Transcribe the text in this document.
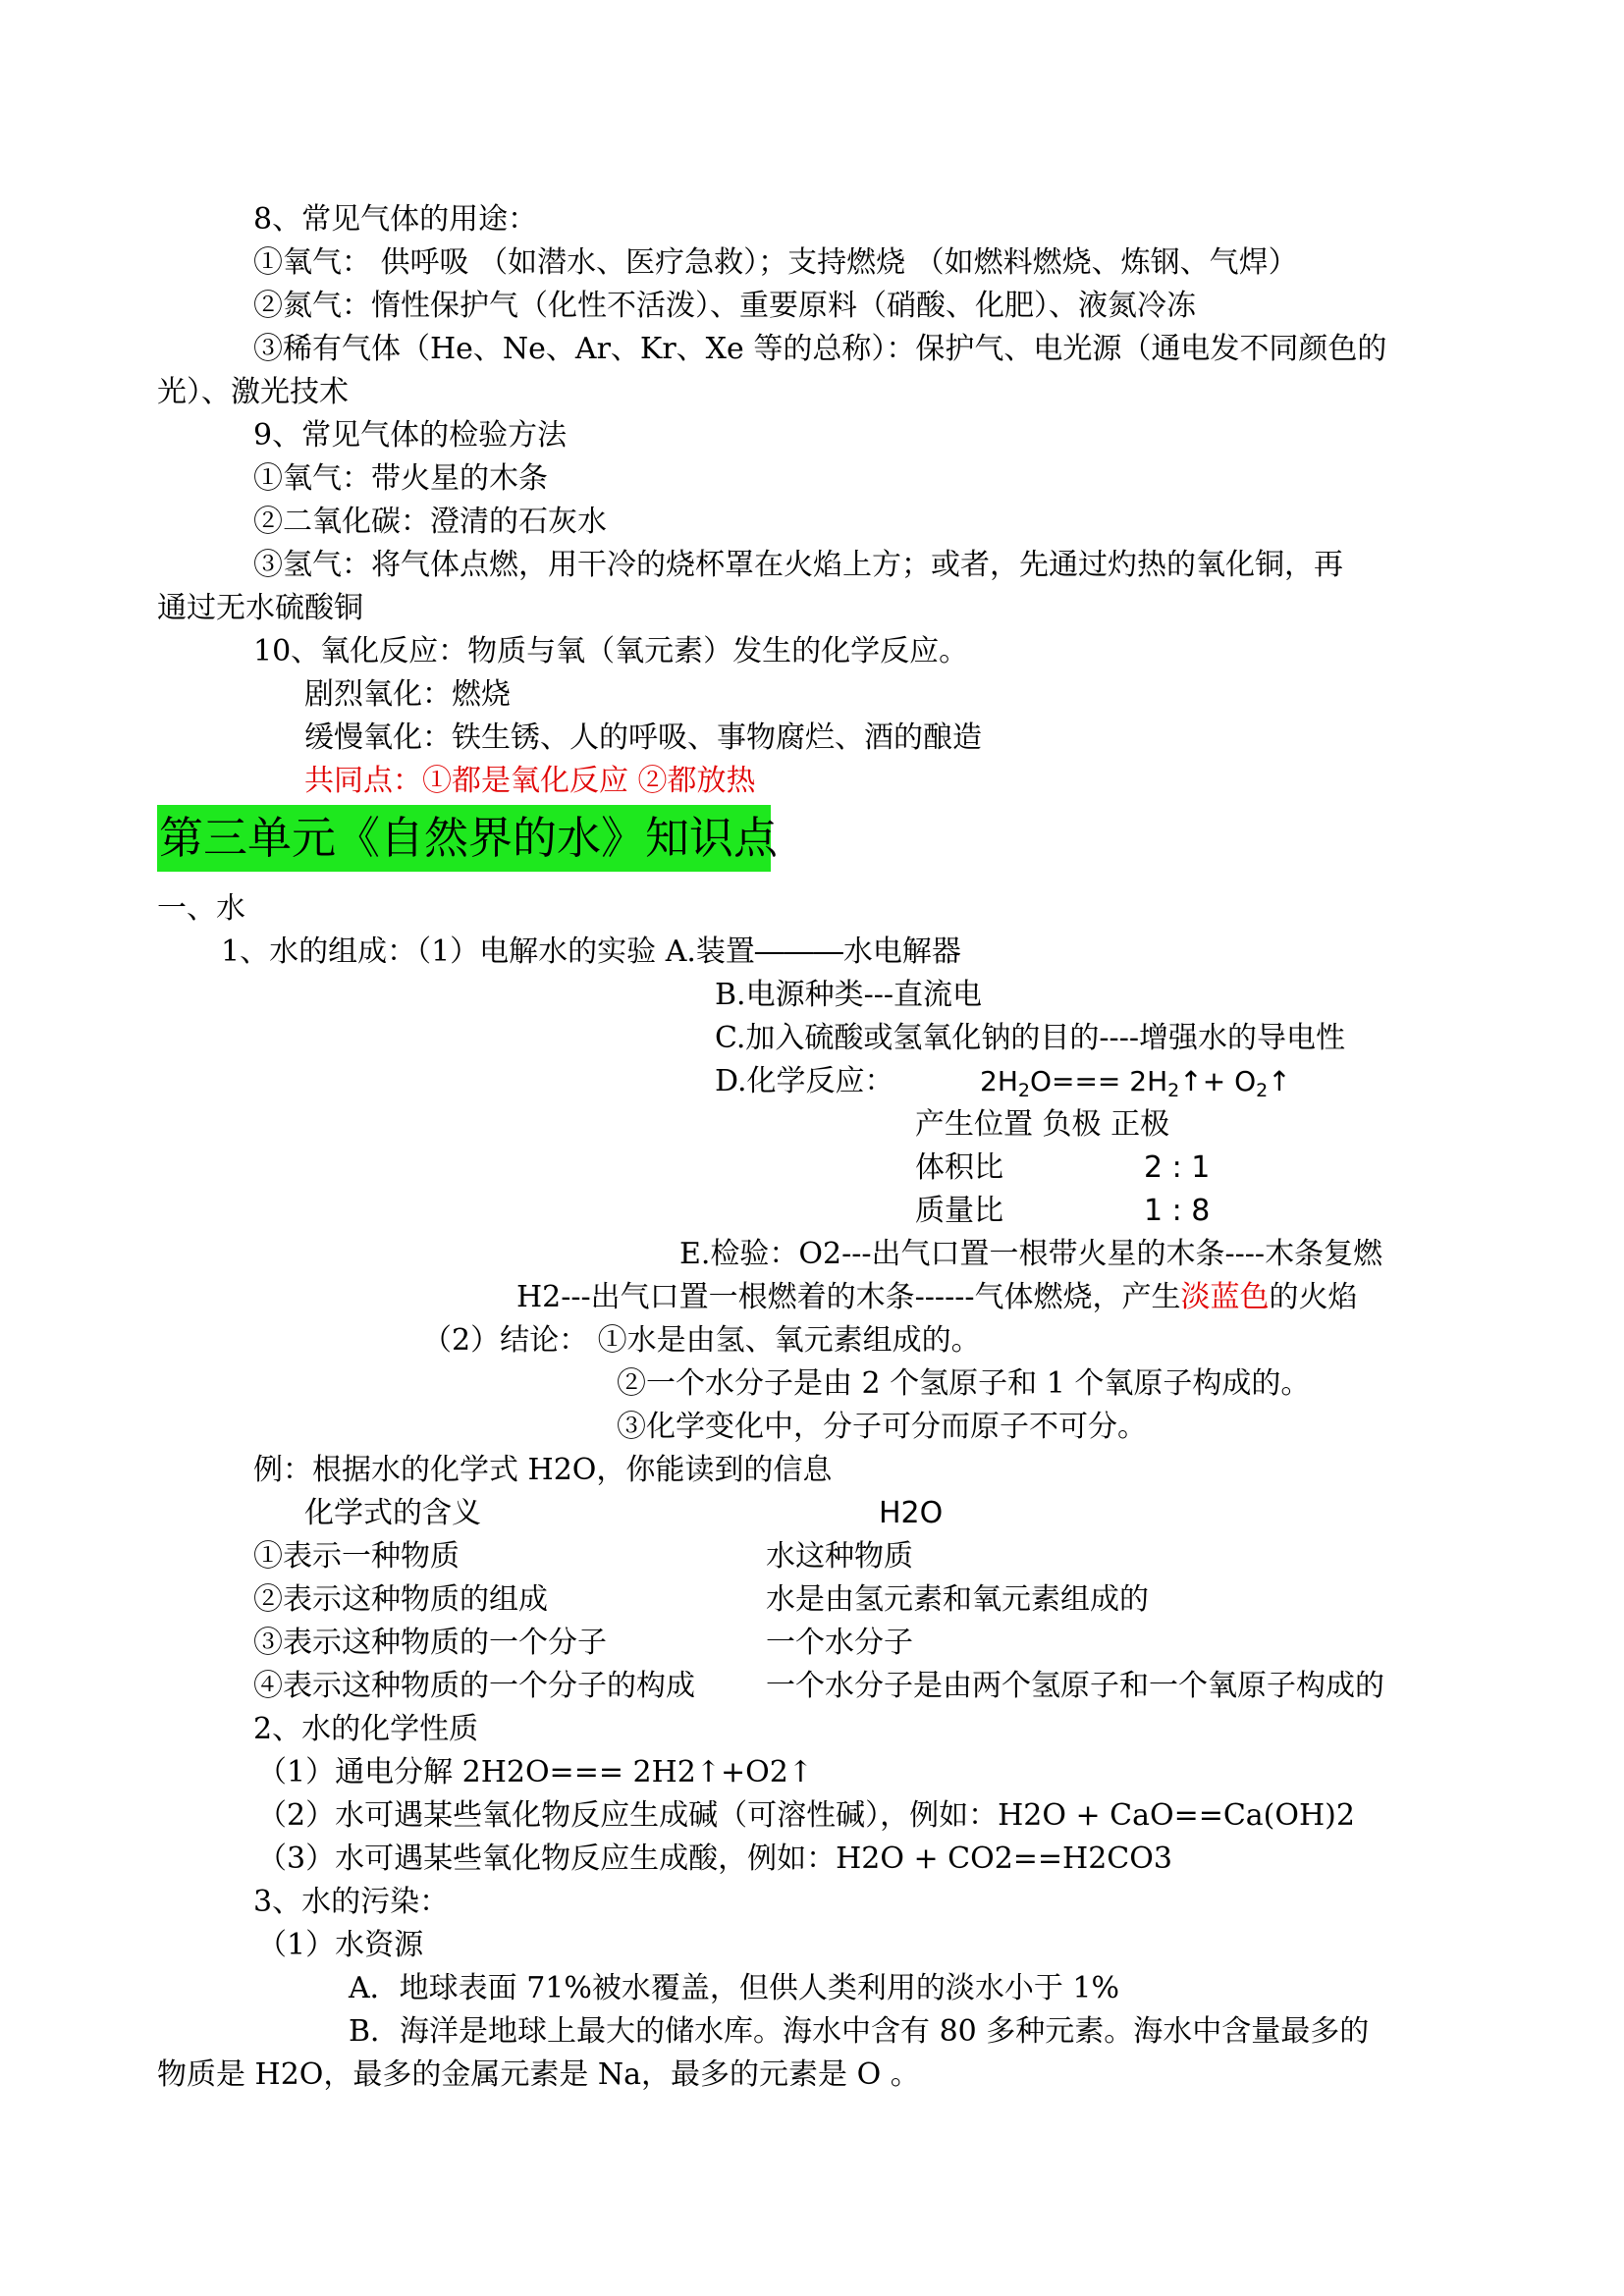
8、常见气体的用途：
①氧气： 供呼吸 （如潜水、医疗急救）；支持燃烧 （如燃料燃烧、炼钢、气焊）
②氮气：惰性保护气（化性不活泼）、重要原料（硝酸、化肥）、液氮冷冻
③稀有气体（He、Ne、Ar、Kr、Xe 等的总称）：保护气、电光源（通电发不同颜色的
光）、激光技术
9、常见气体的检验方法
①氧气：带火星的木条
②二氧化碳：澄清的石灰水
③氢气：将气体点燃，用干冷的烧杯罩在火焰上方；或者，先通过灼热的氧化铜，再
通过无水硫酸铜
10、氧化反应：物质与氧（氧元素）发生的化学反应。
剧烈氧化：燃烧
缓慢氧化：铁生锈、人的呼吸、事物腐烂、酒的酿造
共同点：①都是氧化反应 ②都放热
第三单元《自然界的水》知识点
一、水
1、水的组成：（1）电解水的实验 A.装置―――水电解器
B.电源种类---直流电
C.加入硫酸或氢氧化钠的目的----增强水的导电性
D.化学反应：	$2H_2O===$ $2H_2↑+$ $O_2↑$
产生位置 负极 正极
体积比	2 : 1
质量比	1 : 8
E.检验：O2---出气口置一根带火星的木条----木条复燃
H2---出气口置一根燃着的木条------气体燃烧，产生淡蓝色的火焰
（2）结论： ①水是由氢、氧元素组成的。
②一个水分子是由 2 个氢原子和 1 个氧原子构成的。
③化学变化中，分子可分而原子不可分。
例：根据水的化学式 H2O，你能读到的信息
化学式的含义	H2O
①表示一种物质	水这种物质
②表示这种物质的组成	水是由氢元素和氧元素组成的
③表示这种物质的一个分子	一个水分子
④表示这种物质的一个分子的构成 一个水分子是由两个氢原子和一个氧原子构成的
2、水的化学性质
（1）通电分解 2H2O=== 2H2↑+O2↑
（2）水可遇某些氧化物反应生成碱（可溶性碱），例如：H2O + CaO==Ca(OH)2
（3）水可遇某些氧化物反应生成酸，例如：H2O + CO2==H2CO3
3、水的污染：
（1）水资源
A．地球表面 71%被水覆盖，但供人类利用的淡水小于 1%
B．海洋是地球上最大的储水库。海水中含有 80 多种元素。海水中含量最多的
物质是 H2O，最多的金属元素是 Na，最多的元素是 O 。
